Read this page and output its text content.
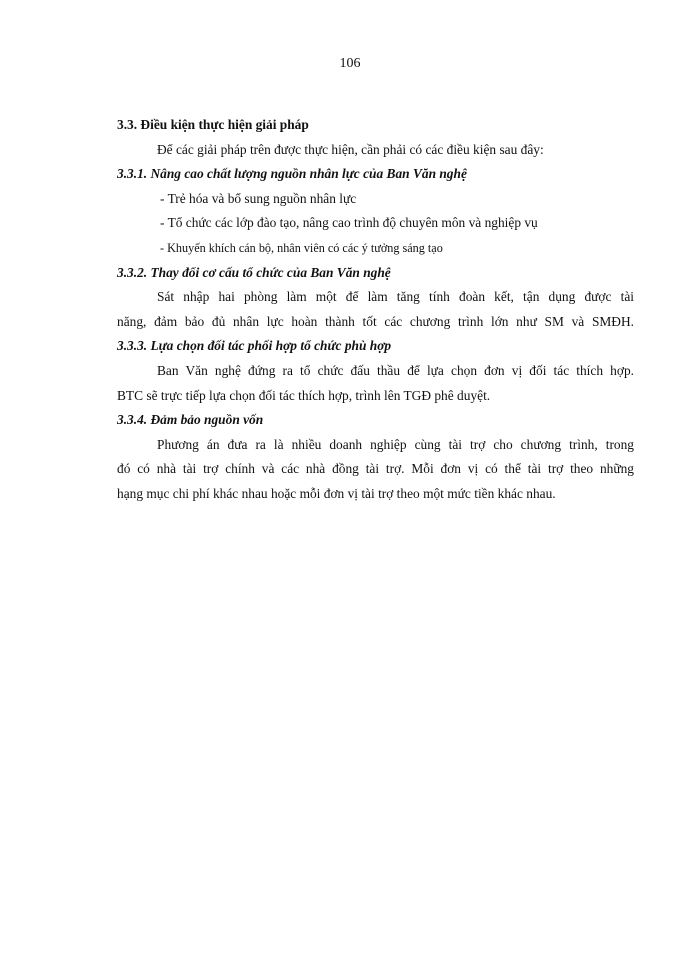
106
3.3. Điều kiện thực hiện giải pháp
Để các giải pháp trên được thực hiện, cần phải có các điều kiện sau đây:
3.3.1. Nâng cao chất lượng nguồn nhân lực của Ban Văn nghệ
- Trẻ hóa và bổ sung nguồn nhân lực
- Tổ chức các lớp đào tạo, nâng cao trình độ chuyên môn và nghiệp vụ
- Khuyến khích cán bộ, nhân viên có các ý tưởng sáng tạo
3.3.2. Thay đổi cơ cấu tổ chức của Ban Văn nghệ
Sát nhập hai phòng làm một để làm tăng tính đoàn kết, tận dụng được tài
năng, đảm bảo đủ nhân lực hoàn thành tốt các chương trình lớn như SM và SMĐH.
3.3.3. Lựa chọn đối tác phối hợp tổ chức phù hợp
Ban Văn nghệ đứng ra tổ chức đấu thầu để lựa chọn đơn vị đối tác thích hợp.
BTC sẽ trực tiếp lựa chọn đối tác thích hợp, trình lên TGĐ phê duyệt.
3.3.4. Đảm bảo nguồn vốn
Phương án đưa ra là nhiều doanh nghiệp cùng tài trợ cho chương trình, trong
đó có nhà tài trợ chính và các nhà đồng tài trợ. Mỗi đơn vị có thể tài trợ theo những
hạng mục chi phí khác nhau hoặc mỗi đơn vị tài trợ theo một mức tiền khác nhau.
